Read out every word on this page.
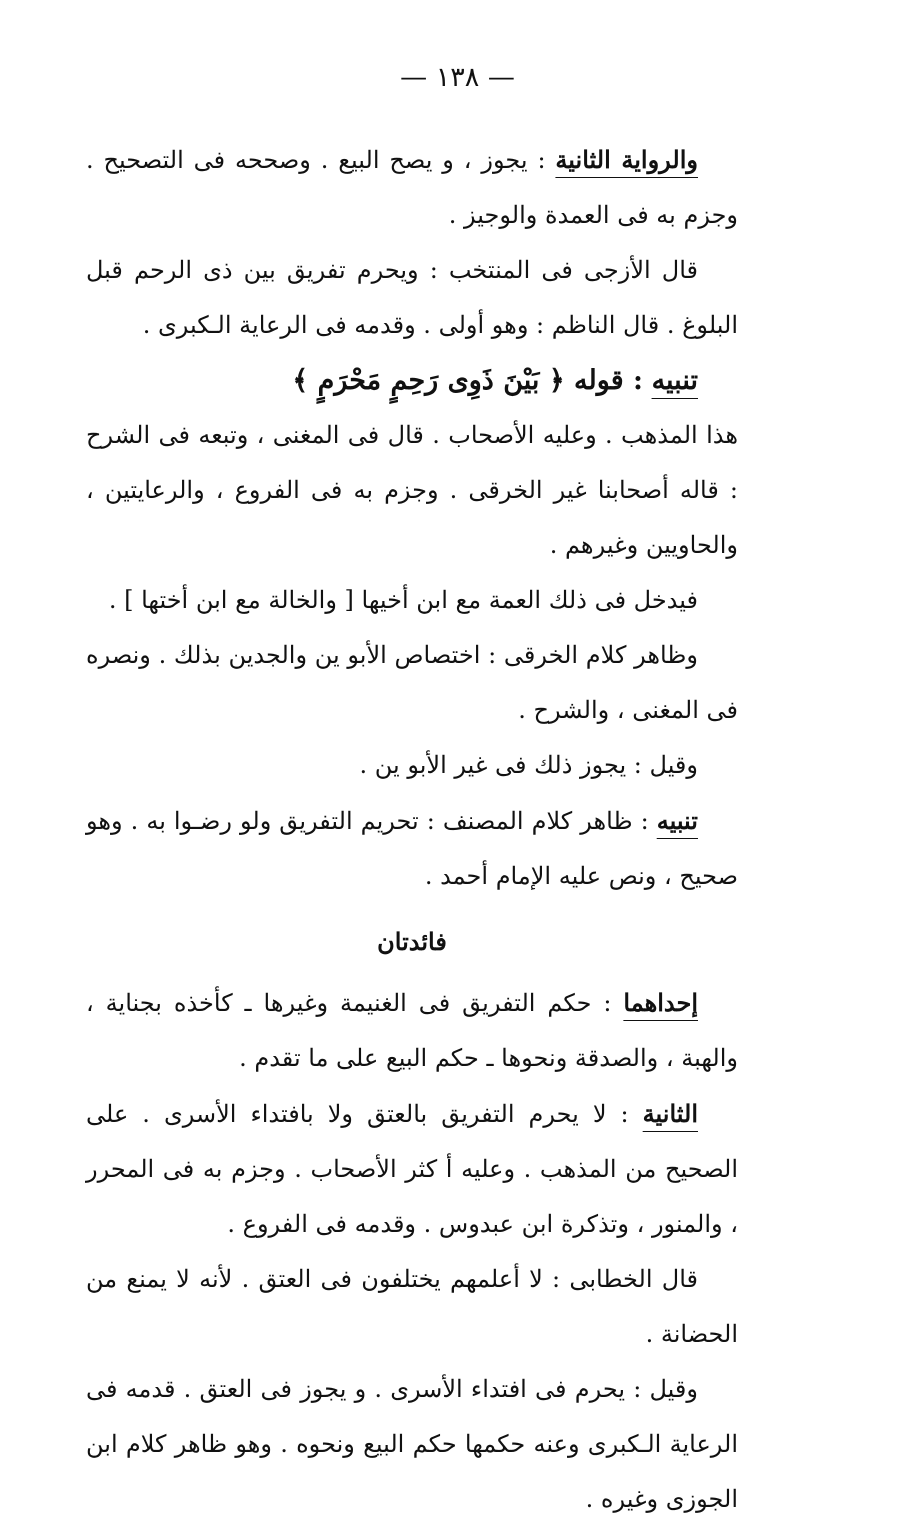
— ١٣٨ —

والرواية الثانية : يجوز ، و يصح البيع . وصححه فى التصحيح . وجزم به فى العمدة والوجيز .

قال الأزجى فى المنتخب : ويحرم تفريق بين ذى الرحم قبل البلوغ . قال الناظم : وهو أولى . وقدمه فى الرعاية الـكبرى .

تنبيه : قوله ﴿ بَيْنَ ذَوِى رَحِمٍ مَحْرَمٍ ﴾

هذا المذهب . وعليه الأصحاب . قال فى المغنى ، وتبعه فى الشرح : قاله أصحابنا غير الخرقى . وجزم به فى الفروع ، والرعايتين ، والحاويين وغيرهم .

فيدخل فى ذلك العمة مع ابن أخيها [ والخالة مع ابن أختها ] .

وظاهر كلام الخرقى : اختصاص الأبو ين والجدين بذلك . ونصره فى المغنى ، والشرح .

وقيل : يجوز ذلك فى غير الأبو ين .

تنبيه : ظاهر كلام المصنف : تحريم التفريق ولو رضـوا به . وهو صحيح ، ونص عليه الإمام أحمد .

فائدتان

إحداهما : حكم التفريق فى الغنيمة وغيرها ـ كأخذه بجناية ، والهبة ، والصدقة ونحوها ـ حكم البيع على ما تقدم .

الثانية : لا يحرم التفريق بالعتق ولا بافتداء الأسرى . على الصحيح من المذهب . وعليه أ كثر الأصحاب . وجزم به فى المحرر ، والمنور ، وتذكرة ابن عبدوس . وقدمه فى الفروع .

قال الخطابى : لا أعلمهم يختلفون فى العتق . لأنه لا يمنع من الحضانة .

وقيل : يحرم فى افتداء الأسرى . و يجوز فى العتق . قدمه فى الرعاية الـكبرى وعنه حكمها حكم البيع ونحوه . وهو ظاهر كلام ابن الجوزى وغيره .
